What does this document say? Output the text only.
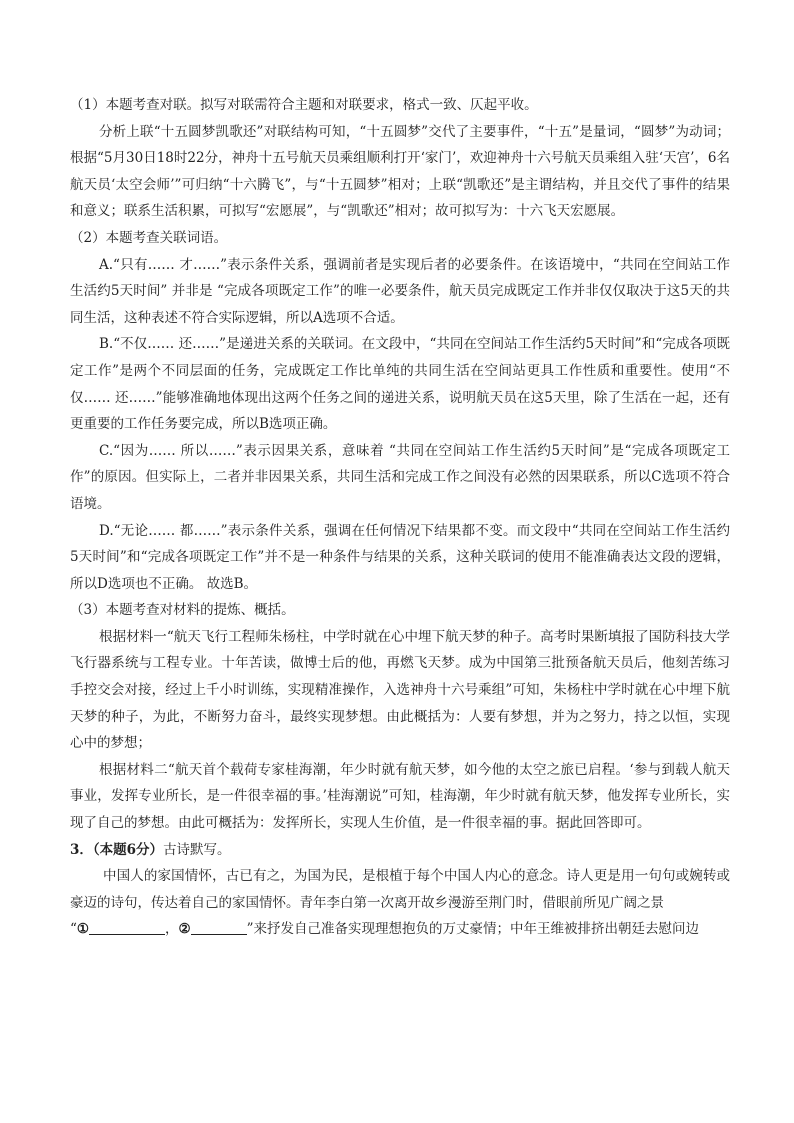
（1）本题考查对联。拟写对联需符合主题和对联要求，格式一致、仄起平收。

分析上联“十五圆梦凯歌还”对联结构可知，“十五圆梦”交代了主要事件，“十五”是量词，“圆梦”为动词；根据“5月30日18时22分，神舟十五号航天员乘组顺利打开‘家门’，欢迎神舟十六号航天员乘组入驻‘天宫’，6名航天员‘太空会师’”可归纳“十六腾飞”，与“十五圆梦”相对；上联“凯歌还”是主谓结构，并且交代了事件的结果和意义；联系生活积累，可拟写“宏愿展”，与“凯歌还”相对；故可拟写为：十六飞天宏愿展。

（2）本题考查关联词语。

A.“只有…… 才……”表示条件关系，强调前者是实现后者的必要条件。在该语境中，“共同在空间站工作生活约5天时间” 并非是 “完成各项既定工作”的唯一必要条件，航天员完成既定工作并非仅仅取决于这5天的共同生活，这种表述不符合实际逻辑，所以A选项不合适。

B.“不仅…… 还……”是递进关系的关联词。在文段中，“共同在空间站工作生活约5天时间”和“完成各项既定工作”是两个不同层面的任务，完成既定工作比单纯的共同生活在空间站更具工作性质和重要性。使用“不仅…… 还……”能够准确地体现出这两个任务之间的递进关系，说明航天员在这5天里，除了生活在一起，还有更重要的工作任务要完成，所以B选项正确。

C.“因为…… 所以……”表示因果关系，意味着 “共同在空间站工作生活约5天时间”是“完成各项既定工作”的原因。但实际上，二者并非因果关系，共同生活和完成工作之间没有必然的因果联系，所以C选项不符合语境。

D.“无论…… 都……”表示条件关系，强调在任何情况下结果都不变。而文段中“共同在空间站工作生活约 5天时间”和“完成各项既定工作”并不是一种条件与结果的关系，这种关联词的使用不能准确表达文段的逻辑，所以D选项也不正确。 故选B。

（3）本题考查对材料的提炼、概括。

根据材料一“航天飞行工程师朱杨柱，中学时就在心中埋下航天梦的种子。高考时果断填报了国防科技大学飞行器系统与工程专业。十年苦读，做博士后的他，再燃飞天梦。成为中国第三批预备航天员后，他刻苦练习手控交会对接，经过上千小时训练，实现精准操作，入选神舟十六号乘组”可知，朱杨柱中学时就在心中埋下航天梦的种子，为此，不断努力奋斗，最终实现梦想。由此概括为：人要有梦想，并为之努力，持之以恒，实现心中的梦想；

根据材料二“航天首个载荷专家桂海潮，年少时就有航天梦，如今他的太空之旅已启程。‘参与到载人航天事业，发挥专业所长，是一件很幸福的事。’桂海潮说”可知，桂海潮，年少时就有航天梦，他发挥专业所长，实现了自己的梦想。由此可概括为：发挥所长，实现人生价值，是一件很幸福的事。据此回答即可。

3．（本题6分）古诗默写。

中国人的家国情怀，古已有之，为国为民，是根植于每个中国人内心的意念。诗人更是用一句句或婉转或豪迈的诗句，传达着自己的家国情怀。青年李白第一次离开故乡漫游至荆门时，借眼前所见广阔之景

“①	，②	”来抒发自己准备实现理想抱负的万丈豪情；中年王维被排挤出朝廷去慰问边
